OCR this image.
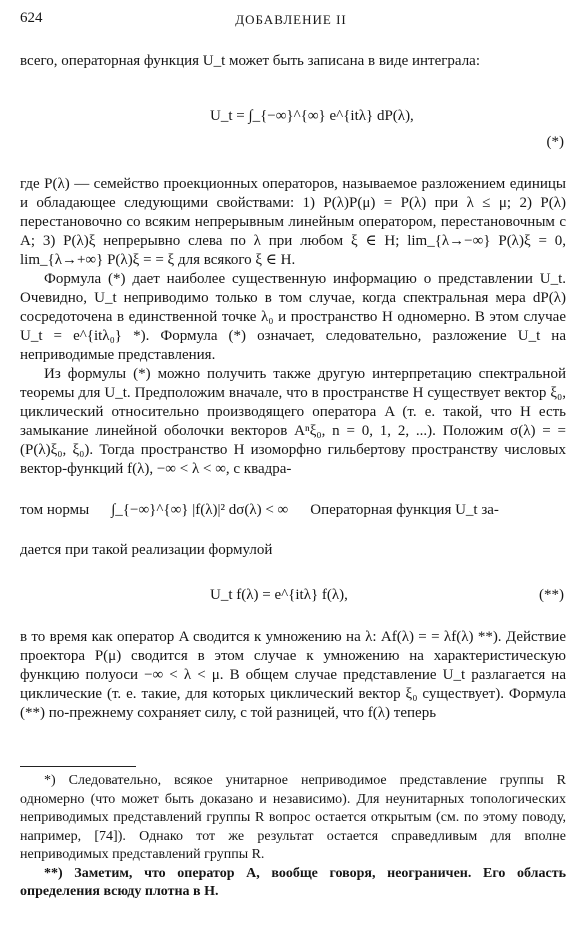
624	ДОБАВЛЕНИЕ II

всего, операторная функция U_t может быть записана в виде интеграла:

U_t = ∫_{−∞}^{∞} e^{itλ} dP(λ),
(*)

где P(λ) — семейство проекционных операторов, называемое разложением единицы и обладающее следующими свойствами: 1) P(λ)P(μ) = P(λ) при λ ≤ μ; 2) P(λ) перестановочно со всяким непрерывным линейным оператором, перестановочным с A; 3) P(λ)ξ непрерывно слева по λ при любом ξ ∈ H; lim_{λ→−∞} P(λ)ξ = 0, lim_{λ→+∞} P(λ)ξ = = ξ для всякого ξ ∈ H.

Формула (*) дает наиболее существенную информацию о представлении U_t. Очевидно, U_t неприводимо только в том случае, когда спектральная мера dP(λ) сосредоточена в единственной точке λ₀ и пространство H одномерно. В этом случае U_t = e^{itλ₀} *). Формула (*) означает, следовательно, разложение U_t на неприводимые представления.

Из формулы (*) можно получить также другую интерпретацию спектральной теоремы для U_t. Предположим вначале, что в пространстве H существует вектор ξ₀, циклический относительно производящего оператора A (т. е. такой, что H есть замыкание линейной оболочки векторов Aⁿξ₀, n = 0, 1, 2, ...). Положим σ(λ) = = (P(λ)ξ₀, ξ₀). Тогда пространство H изоморфно гильбертову пространству числовых вектор-функций f(λ), −∞ < λ < ∞, с квадра-

том нормы ∫_{−∞}^{∞} |f(λ)|² dσ(λ) < ∞ Операторная функция U_t за-

дается при такой реализации формулой

U_t f(λ) = e^{itλ} f(λ),	(**)

в то время как оператор A сводится к умножению на λ: Af(λ) = = λf(λ) **). Действие проектора P(μ) сводится в этом случае к умножению на характеристическую функцию полуоси −∞ < λ < μ. В общем случае представление U_t разлагается на циклические (т. е. такие, для которых циклический вектор ξ₀ существует). Формула (**) по-прежнему сохраняет силу, с той разницей, что f(λ) теперь

*) Следовательно, всякое унитарное неприводимое представление группы R одномерно (что может быть доказано и независимо). Для неунитарных топологических неприводимых представлений группы R вопрос остается открытым (см. по этому поводу, например, [74]). Однако тот же результат остается справедливым для вполне неприводимых представлений группы R.

**) Заметим, что оператор A, вообще говоря, неограничен. Его область определения всюду плотна в H.
